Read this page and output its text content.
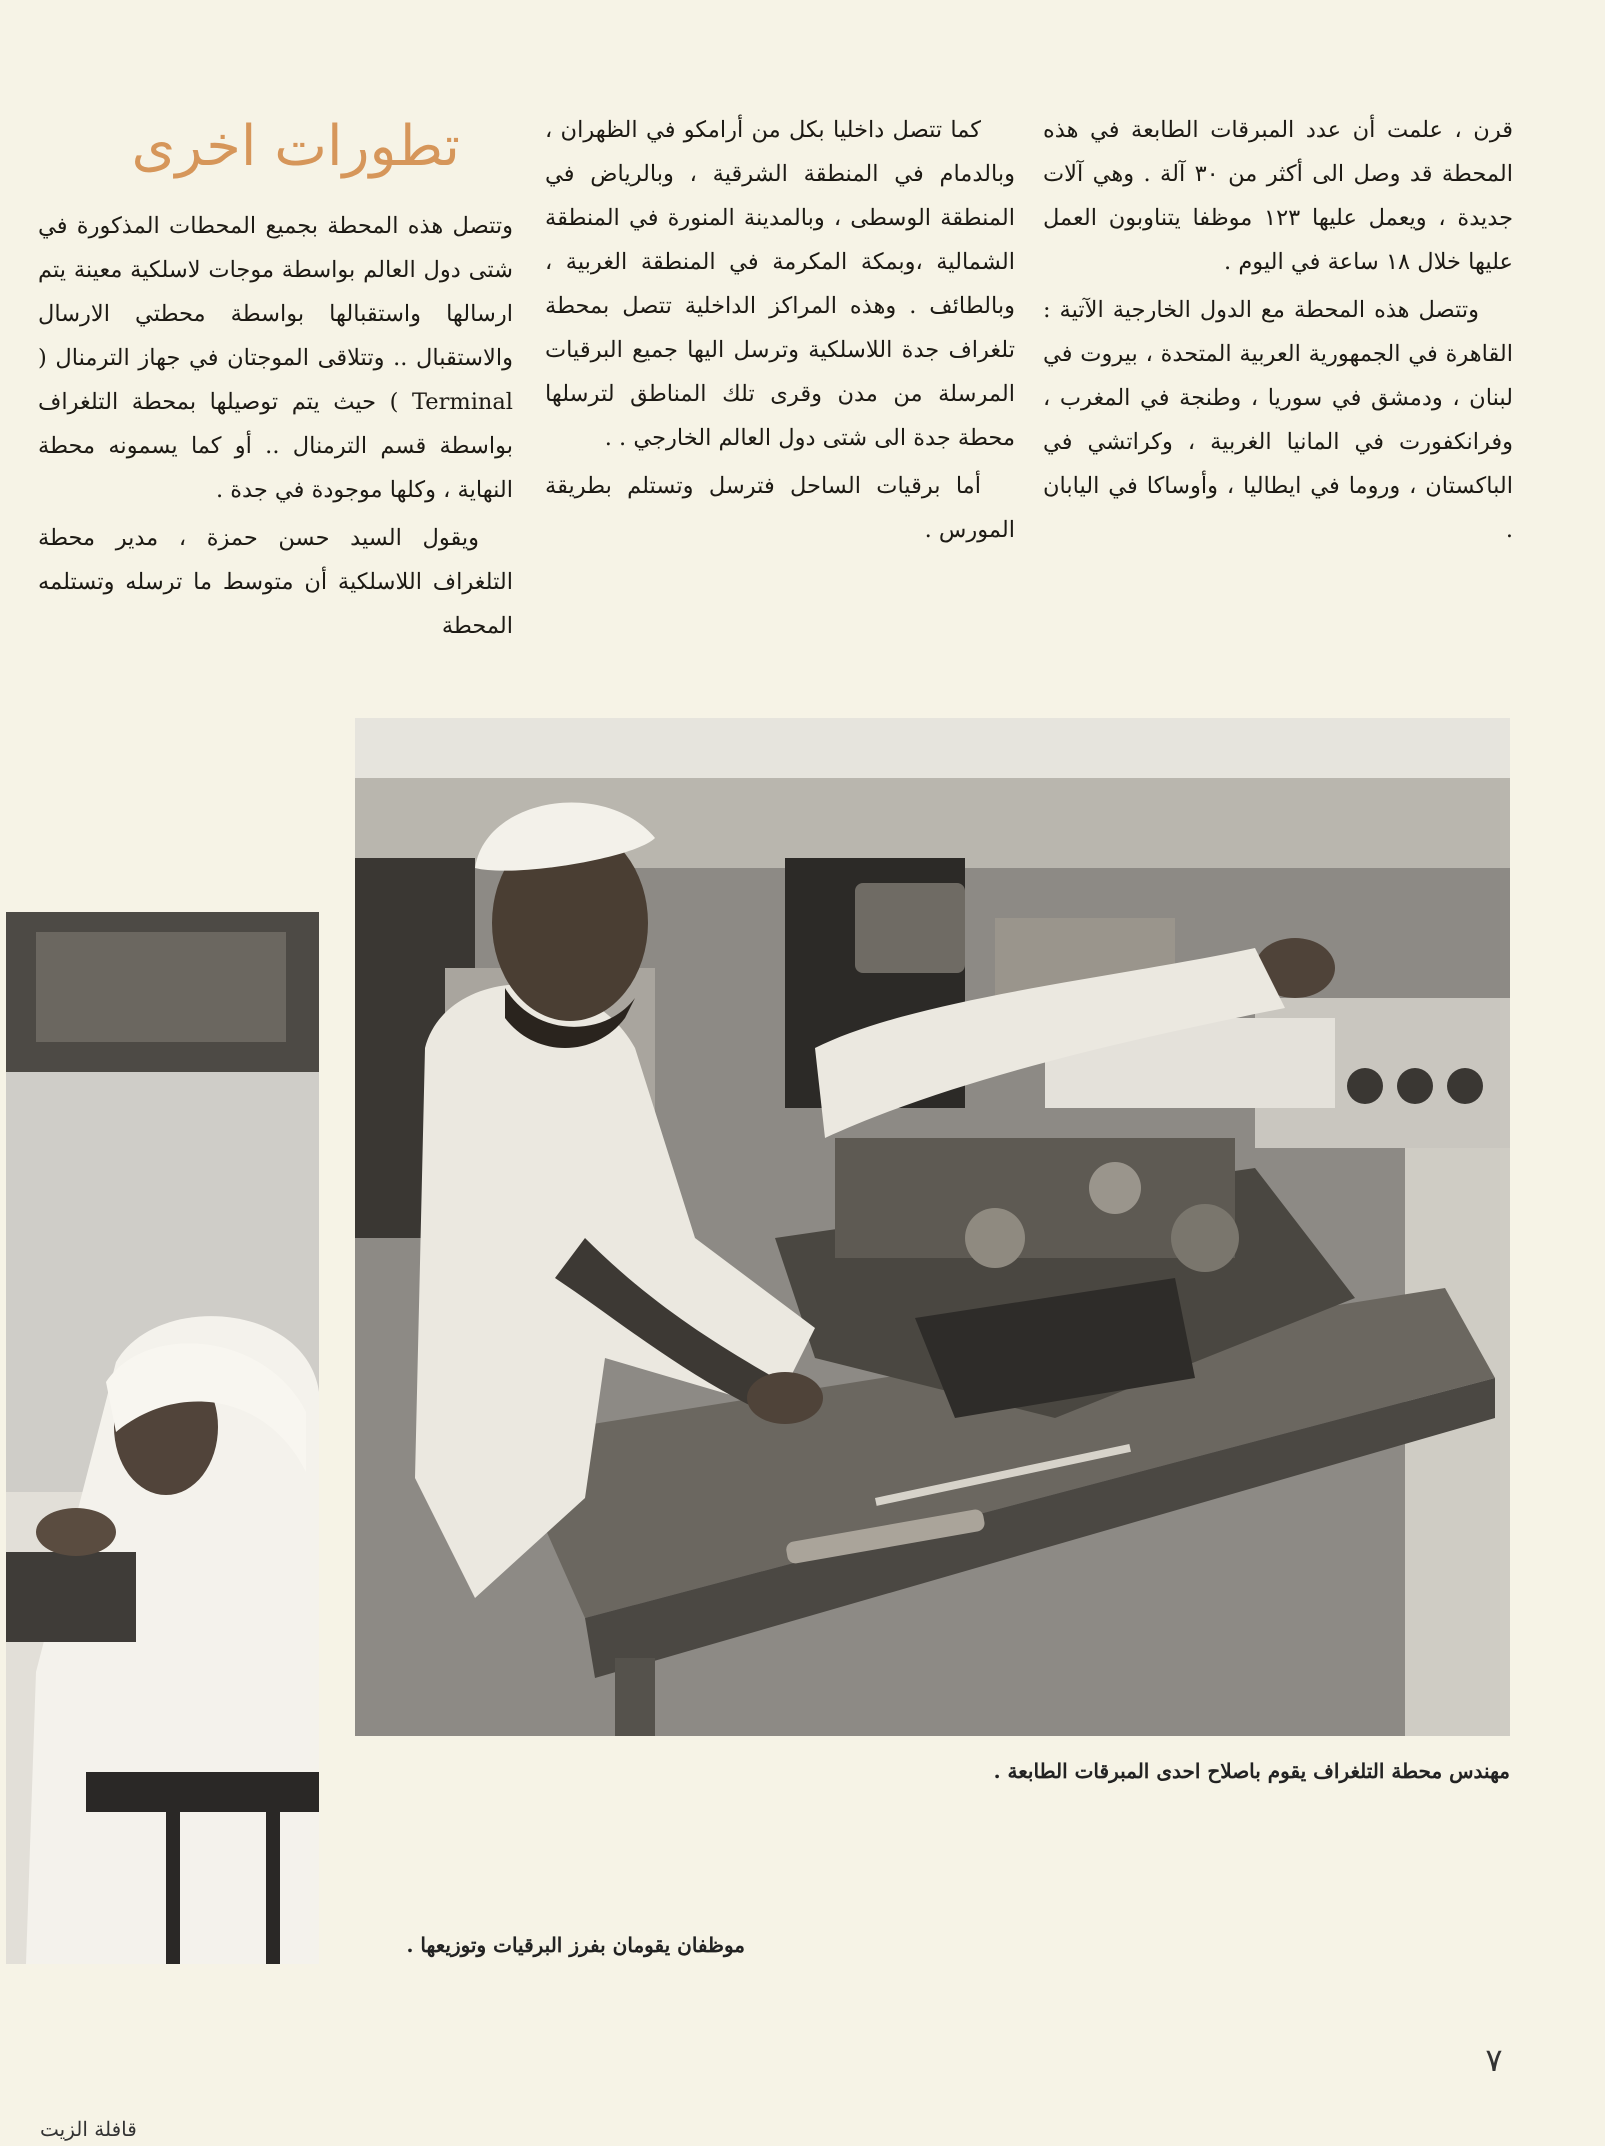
قرن ، علمت أن عدد المبرقات الطابعة في هذه المحطة قد وصل الى أكثر من ٣٠ آلة . وهي آلات جديدة ، ويعمل عليها ١٢٣ موظفا يتناوبون العمل عليها خلال ١٨ ساعة في اليوم .

وتتصل هذه المحطة مع الدول الخارجية الآتية : القاهرة في الجمهورية العربية المتحدة ، بيروت في لبنان ، ودمشق في سوريا ، وطنجة في المغرب ، وفرانكفورت في المانيا الغربية ، وكراتشي في الباكستان ، وروما في ايطاليا ، وأوساكا في اليابان .

كما تتصل داخليا بكل من أرامكو في الظهران ، وبالدمام في المنطقة الشرقية ، وبالرياض في المنطقة الوسطى ، وبالمدينة المنورة في المنطقة الشمالية ،وبمكة المكرمة في المنطقة الغربية ، وبالطائف . وهذه المراكز الداخلية تتصل بمحطة تلغراف جدة اللاسلكية وترسل اليها جميع البرقيات المرسلة من مدن وقرى تلك المناطق لترسلها محطة جدة الى شتى دول العالم الخارجي . .

أما برقيات الساحل فترسل وتستلم بطريقة المورس .

تطورات اخرى

وتتصل هذه المحطة بجميع المحطات المذكورة في شتى دول العالم بواسطة موجات لاسلكية معينة يتم ارسالها واستقبالها بواسطة محطتي الارسال والاستقبال .. وتتلاقى الموجتان في جهاز الترمنال ( Terminal ) حيث يتم توصيلها بمحطة التلغراف بواسطة قسم الترمنال .. أو كما يسمونه محطة النهاية ، وكلها موجودة في جدة .

ويقول السيد حسن حمزة ، مدير محطة التلغراف اللاسلكية أن متوسط ما ترسله وتستلمه المحطة

مهندس محطة التلغراف يقوم باصلاح احدى المبرقات الطابعة .
موظفان يقومان بفرز البرقيات وتوزيعها .
٧
قافلة الزيت
